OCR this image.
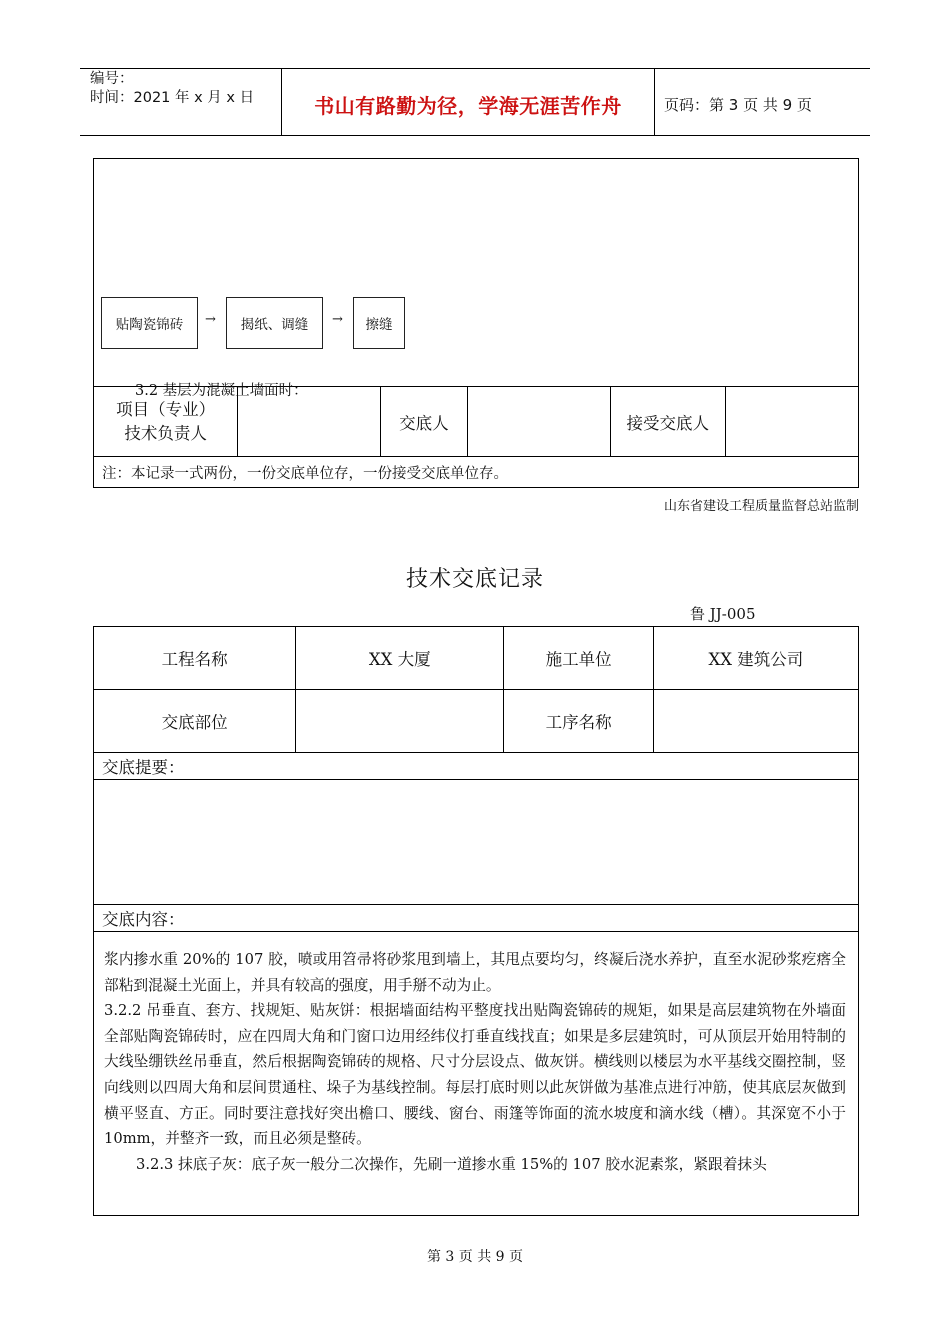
编号：
时间：2021 年 x 月 x 日	书山有路勤为径，学海无涯苦作舟	页码：第 3 页 共 9 页
贴陶瓷锦砖	→	揭纸、调缝	→	擦缝
项目（专业）
技术负责人
		交底人		接受交底人	
注：本记录一式两份，一份交底单位存，一份接受交底单位存。
3.2 基层为混凝土墙面时：
山东省建设工程质量监督总站监制
技术交底记录
鲁 JJ-005
工程名称	XX 大厦	施工单位	XX 建筑公司
交底部位		工序名称	
交底提要：			

交底内容：			

浆内掺水重 20%的 107 胶，喷或用笤帚将砂浆甩到墙上，其甩点要均匀，终凝后浇水养护，直至水泥砂浆疙瘩全部粘到混凝土光面上，并具有较高的强度，用手掰不动为止。
3.2.2 吊垂直、套方、找规矩、贴灰饼：根据墙面结构平整度找出贴陶瓷锦砖的规矩，如果是高层建筑物在外墙面全部贴陶瓷锦砖时，应在四周大角和门窗口边用经纬仪打垂直线找直；如果是多层建筑时，可从顶层开始用特制的大线坠绷铁丝吊垂直，然后根据陶瓷锦砖的规格、尺寸分层设点、做灰饼。横线则以楼层为水平基线交圈控制，竖向线则以四周大角和层间贯通柱、垛子为基线控制。每层打底时则以此灰饼做为基准点进行冲筋，使其底层灰做到横平竖直、方正。同时要注意找好突出檐口、腰线、窗台、雨篷等饰面的流水坡度和滴水线（槽）。其深宽不小于 10mm，并整齐一致，而且必须是整砖。
3.2.3 抹底子灰：底子灰一般分二次操作，先刷一道掺水重 15%的 107 胶水泥素浆，紧跟着抹头			
第 3 页 共 9 页
